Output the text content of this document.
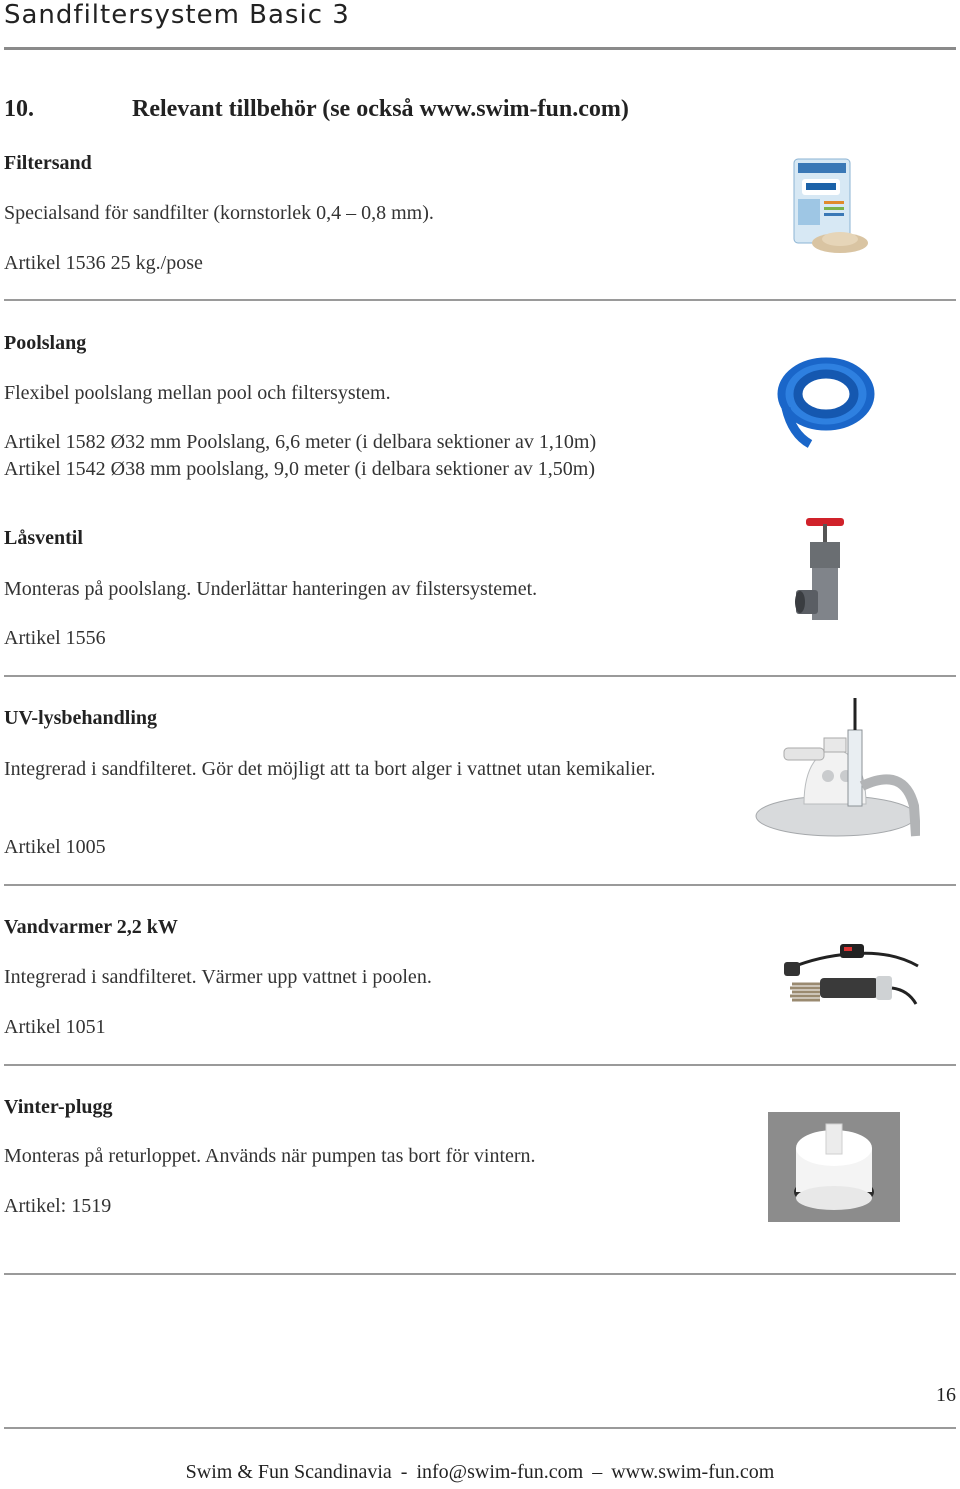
Sandfiltersystem Basic 3
10.	Relevant tillbehör (se också www.swim-fun.com)
Filtersand
Specialsand för sandfilter (kornstorlek 0,4 – 0,8 mm).
Artikel 1536 25 kg./pose
Poolslang
Flexibel poolslang mellan pool och filtersystem.
Artikel 1582 Ø32 mm Poolslang, 6,6 meter (i delbara sektioner av 1,10m)
Artikel 1542 Ø38 mm poolslang, 9,0 meter (i delbara sektioner av 1,50m)
Låsventil
Monteras på poolslang. Underlättar hanteringen av filstersystemet.
Artikel 1556
UV-lysbehandling
Integrerad i sandfilteret. Gör det möjligt att ta bort alger i vattnet utan kemikalier.
Artikel 1005
Vandvarmer 2,2 kW
Integrerad i sandfilteret. Värmer upp vattnet i poolen.
Artikel 1051
Vinter-plugg
Monteras på returloppet. Används när pumpen tas bort för vintern.
Artikel: 1519
16
Swim & Fun Scandinavia - info@swim-fun.com – www.swim-fun.com
